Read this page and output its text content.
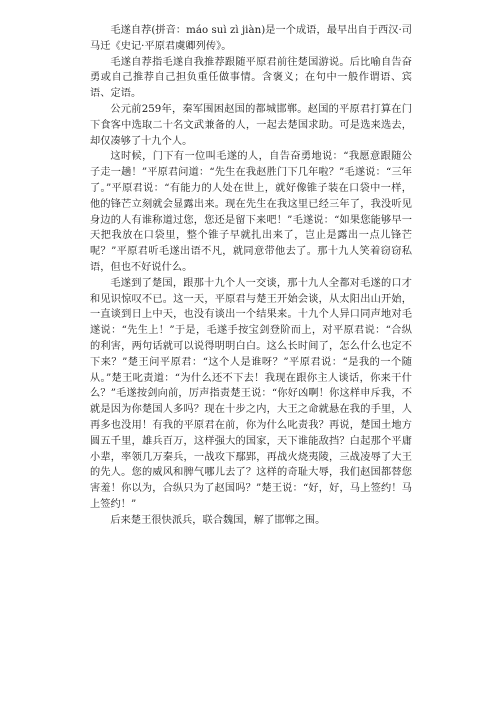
毛遂自荐(拼音：máo suì zì jiàn)是一个成语，最早出自于西汉·司马迁《史记·平原君虞卿列传》。

毛遂自荐指毛遂自我推荐跟随平原君前往楚国游说。后比喻自告奋勇或自己推荐自己担负重任做事情。含褒义；在句中一般作谓语、宾语、定语。

公元前259年，秦军围困赵国的都城邯郸。赵国的平原君打算在门下食客中选取二十名文武兼备的人，一起去楚国求助。可是选来选去，却仅凑够了十九个人。

这时候，门下有一位叫毛遂的人，自告奋勇地说：“我愿意跟随公子走一趟！”平原君问道：“先生在我赵胜门下几年啦？”毛遂说：“三年了。”平原君说：“有能力的人处在世上，就好像锥子装在口袋中一样，他的锋芒立刻就会显露出来。现在先生在我这里已经三年了，我没听见身边的人有谁称道过您，您还是留下来吧！”毛遂说：“如果您能够早一天把我放在口袋里，整个锥子早就扎出来了，岂止是露出一点儿锋芒呢？”平原君听毛遂出语不凡，就同意带他去了。那十九人笑着窃窃私语，但也不好说什么。

毛遂到了楚国，跟那十九个人一交谈，那十九人全都对毛遂的口才和见识惊叹不已。这一天，平原君与楚王开始会谈，从太阳出山开始，一直谈到日上中天，也没有谈出一个结果来。十九个人异口同声地对毛遂说：“先生上！”于是，毛遂手按宝剑登阶而上，对平原君说：“合纵的利害，两句话就可以说得明明白白。这么长时间了，怎么什么也定不下来？”楚王问平原君：“这个人是谁呀？”平原君说：“是我的一个随从。”楚王叱责道：“为什么还不下去！我现在跟你主人谈话，你来干什么？”毛遂按剑向前，厉声指责楚王说：“你好凶啊！你这样申斥我，不就是因为你楚国人多吗？现在十步之内，大王之命就悬在我的手里，人再多也没用！有我的平原君在前，你为什么叱责我？再说，楚国土地方圆五千里，雄兵百万，这样强大的国家，天下谁能敌挡？白起那个平庸小辈，率领几万秦兵，一战攻下鄢郢，再战火烧夷陵，三战凌辱了大王的先人。您的威风和脾气哪儿去了？这样的奇耻大辱，我们赵国都替您害羞！你以为，合纵只为了赵国吗？”楚王说：“好，好，马上签约！马上签约！”

后来楚王很快派兵，联合魏国，解了邯郸之围。
